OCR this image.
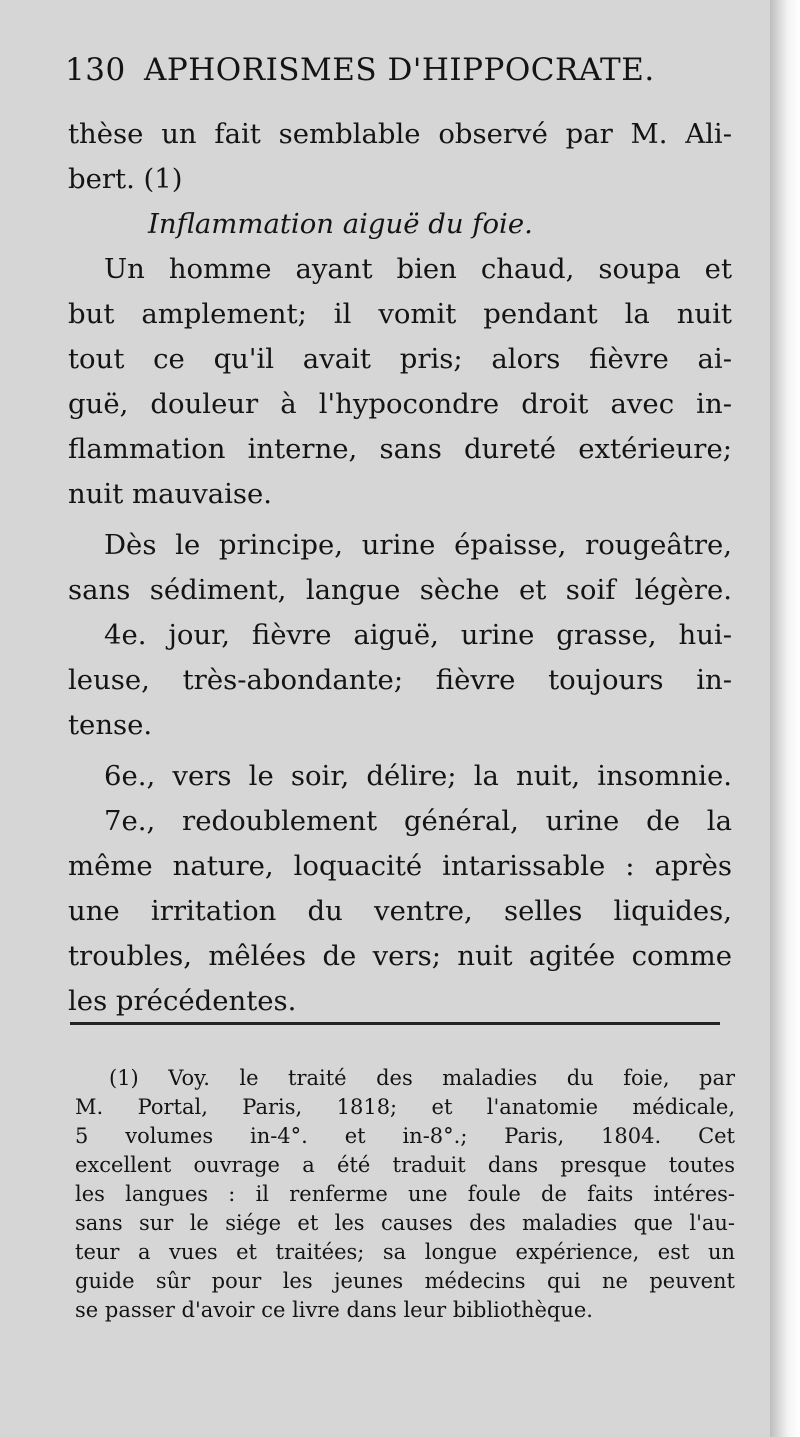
130 APHORISMES D'HIPPOCRATE.
thèse un fait semblable observé par M. Ali-
bert. (1)
Inflammation aiguë du foie.
Un homme ayant bien chaud, soupa et
but amplement; il vomit pendant la nuit
tout ce qu'il avait pris; alors fièvre ai-
guë, douleur à l'hypocondre droit avec in-
flammation interne, sans dureté extérieure;
nuit mauvaise.
Dès le principe, urine épaisse, rougeâtre,
sans sédiment, langue sèche et soif légère.
4e. jour, fièvre aiguë, urine grasse, hui-
leuse, très-abondante; fièvre toujours in-
tense.
6e., vers le soir, délire; la nuit, insomnie.
7e., redoublement général, urine de la
même nature, loquacité intarissable : après
une irritation du ventre, selles liquides,
troubles, mêlées de vers; nuit agitée comme
les précédentes.
(1) Voy. le traité des maladies du foie, par
M. Portal, Paris, 1818; et l'anatomie médicale,
5 volumes in-4°. et in-8°.; Paris, 1804. Cet
excellent ouvrage a été traduit dans presque toutes
les langues : il renferme une foule de faits intéres-
sans sur le siége et les causes des maladies que l'au-
teur a vues et traitées; sa longue expérience, est un
guide sûr pour les jeunes médecins qui ne peuvent
se passer d'avoir ce livre dans leur bibliothèque.
